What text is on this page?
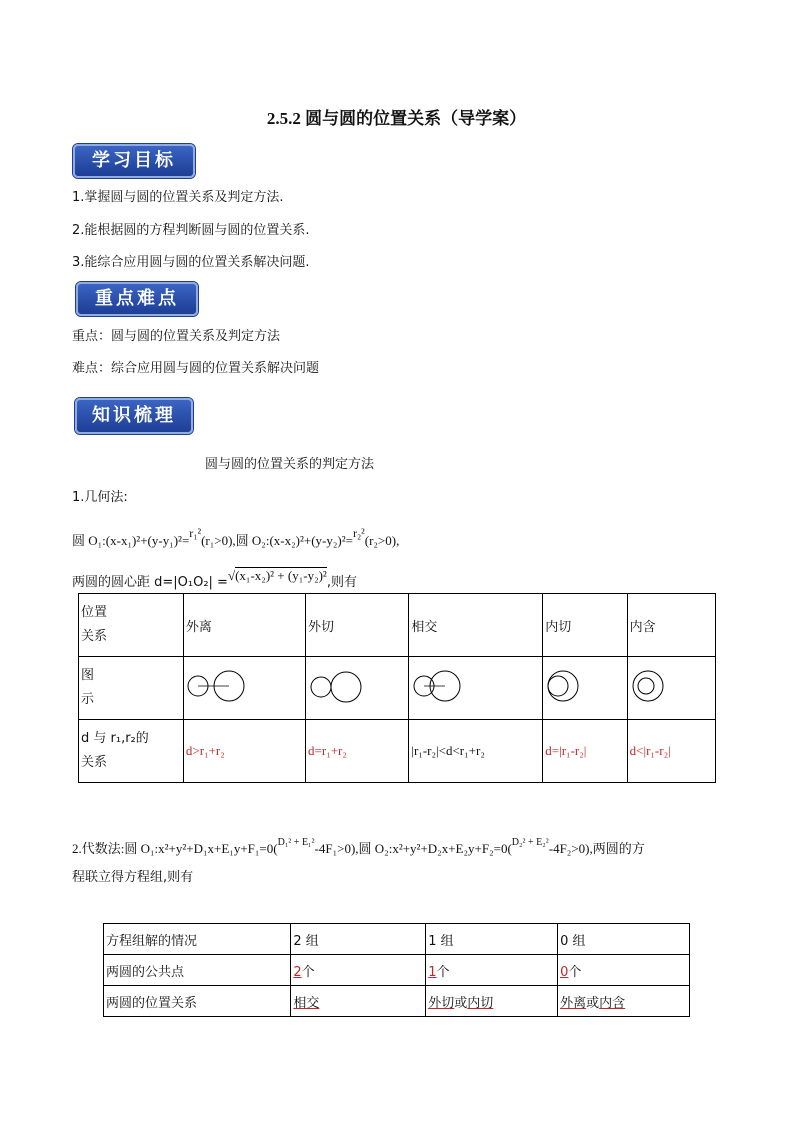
2.5.2 圆与圆的位置关系（导学案）
学习目标
1.掌握圆与圆的位置关系及判定方法.
2.能根据圆的方程判断圆与圆的位置关系.
3.能综合应用圆与圆的位置关系解决问题.
重点难点
重点：圆与圆的位置关系及判定方法
难点：综合应用圆与圆的位置关系解决问题
知识梳理
圆与圆的位置关系的判定方法
1.几何法:
圆 O₁:(x-x₁)²+(y-y₁)²=r₁²(r₁>0),圆 O₂:(x-x₂)²+(y-y₂)²=r₂²(r₂>0),
两圆的圆心距 d=|O₁O₂| =√(x₁-x₂)² + (y₁-y₂)²,则有
位置
关系	外离	外切	相交	内切	内含
图
示					
d 与 r₁,r₂的
关系	d>r₁+r₂	d=r₁+r₂	|r₁-r₂|<d<r₁+r₂	d=|r₁-r₂|	d<|r₁-r₂|
2.代数法:圆 O₁:x²+y²+D₁x+E₁y+F₁=0(D₁² + E₁²-4F₁>0),圆 O₂:x²+y²+D₂x+E₂y+F₂=0(D₂² + E₂²-4F₂>0),两圆的方
程联立得方程组,则有
方程组解的情况	2 组	1 组	0 组
两圆的公共点	2个	1个	0个
两圆的位置关系	相交	外切或内切	外离或内含
